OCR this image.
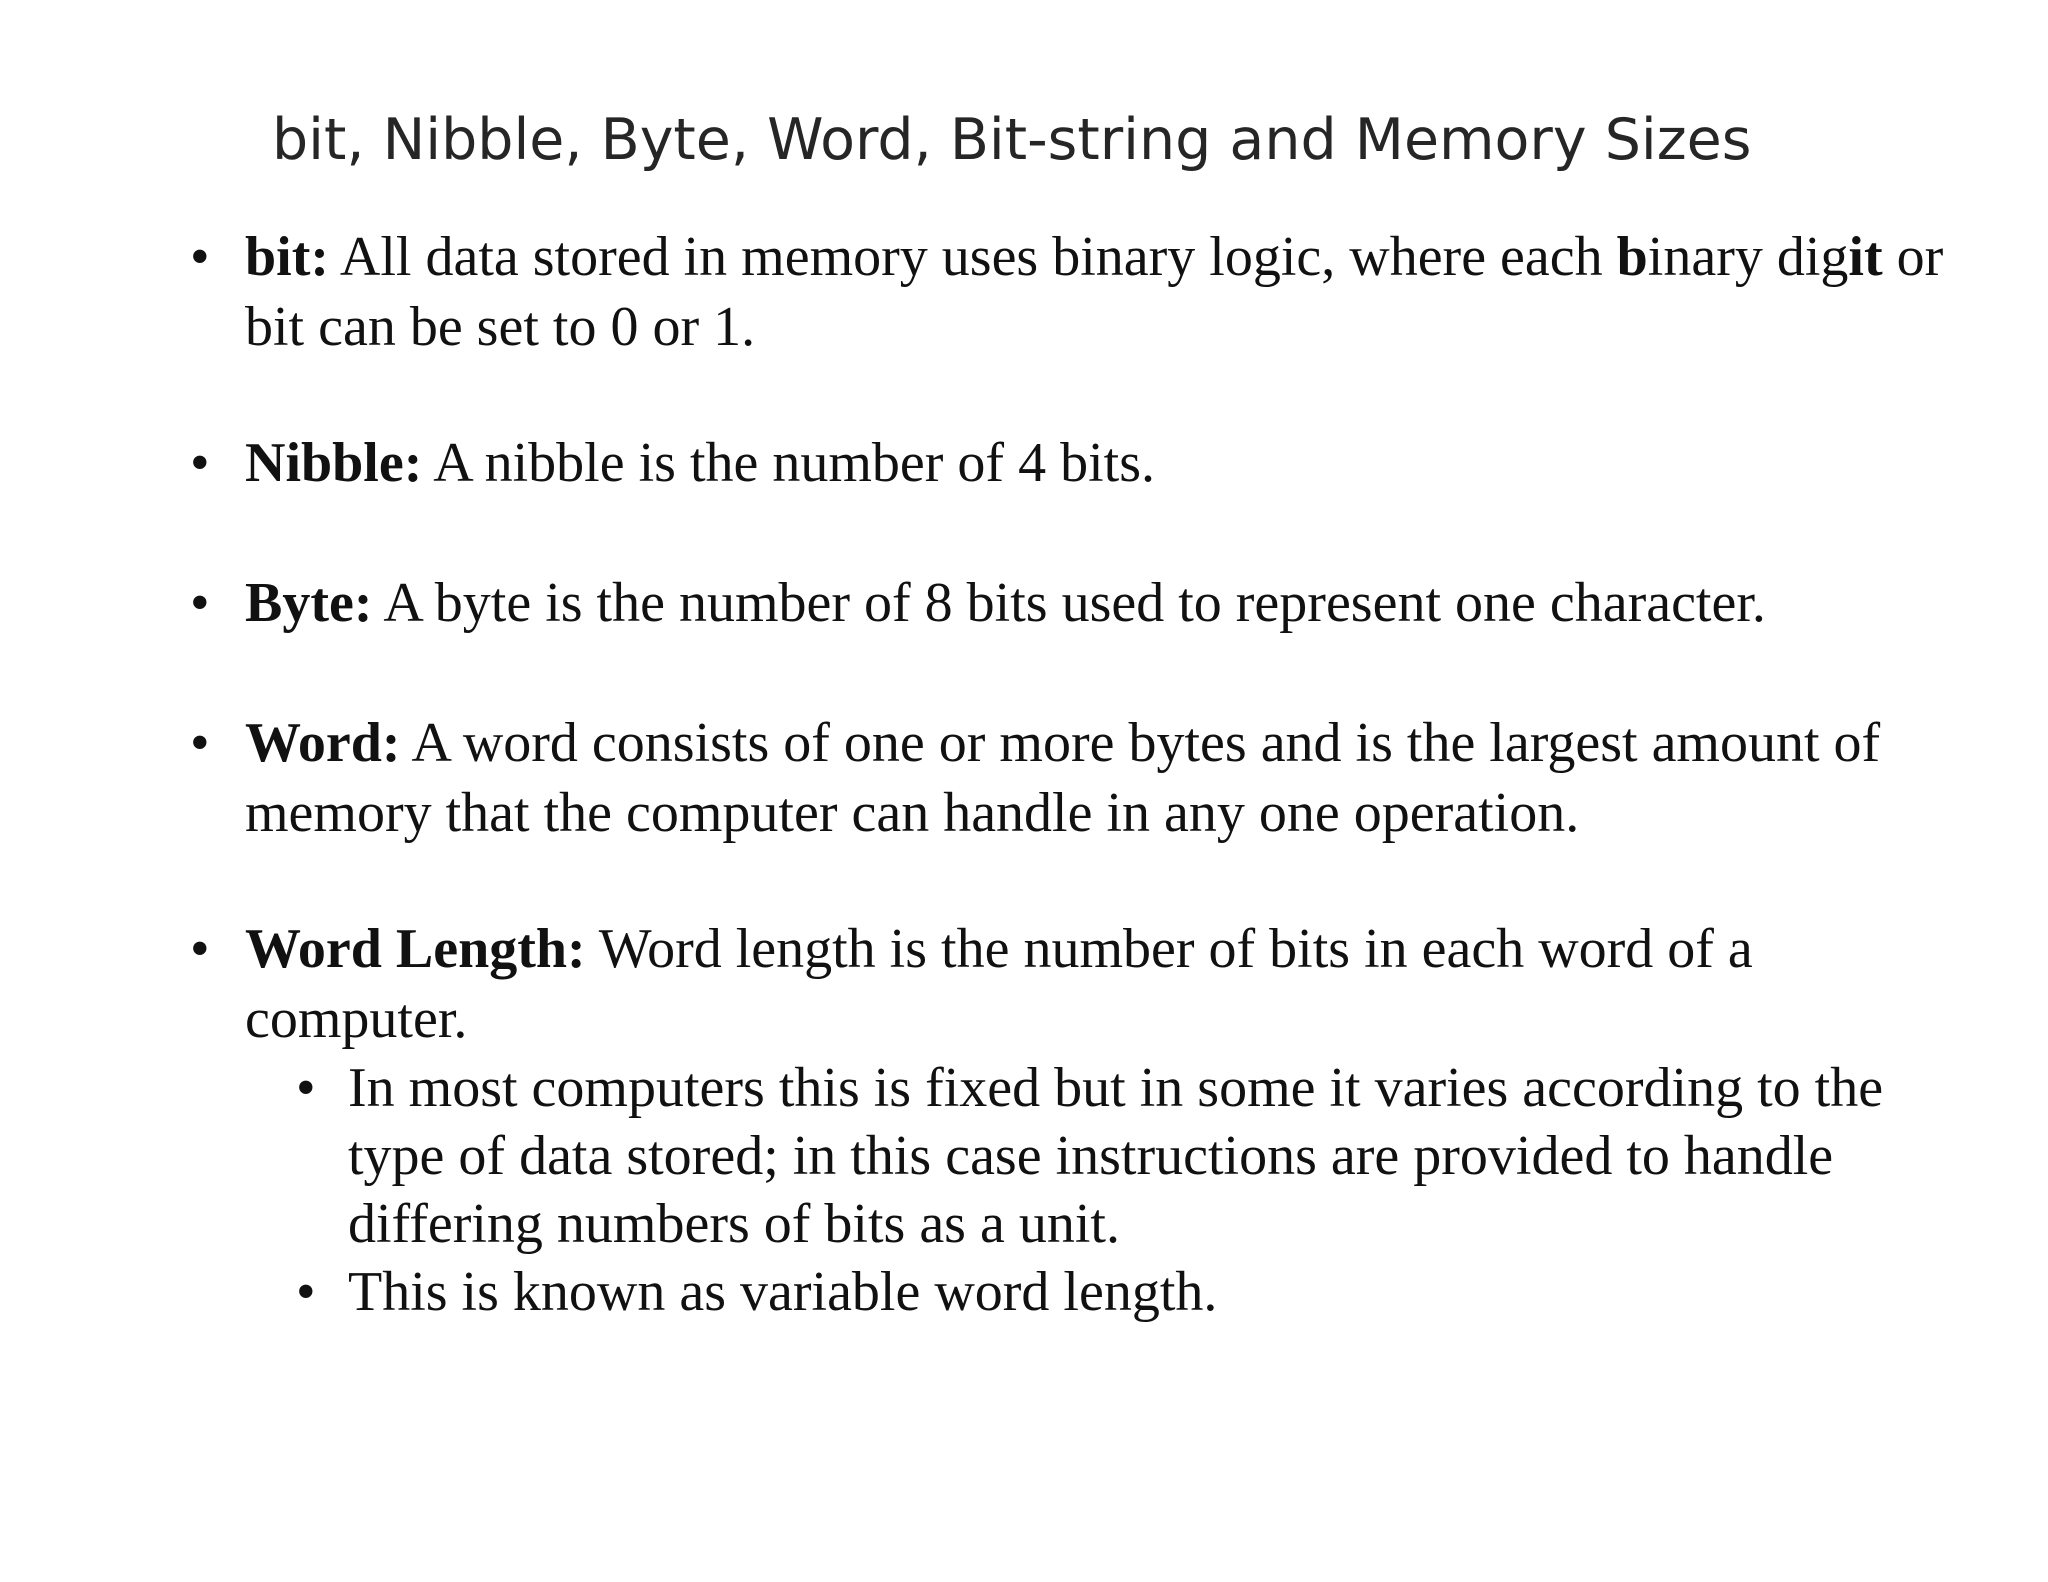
bit, Nibble, Byte, Word, Bit-string and Memory Sizes
• bit: All data stored in memory uses binary logic, where each binary digit or bit can be set to 0 or 1.
• Nibble: A nibble is the number of 4 bits.
• Byte: A byte is the number of 8 bits used to represent one character.
• Word: A word consists of one or more bytes and is the largest amount of memory that the computer can handle in any one operation.
• Word Length: Word length is the number of bits in each word of a computer.
• In most computers this is fixed but in some it varies according to the type of data stored; in this case instructions are provided to handle differing numbers of bits as a unit.
• This is known as variable word length.
